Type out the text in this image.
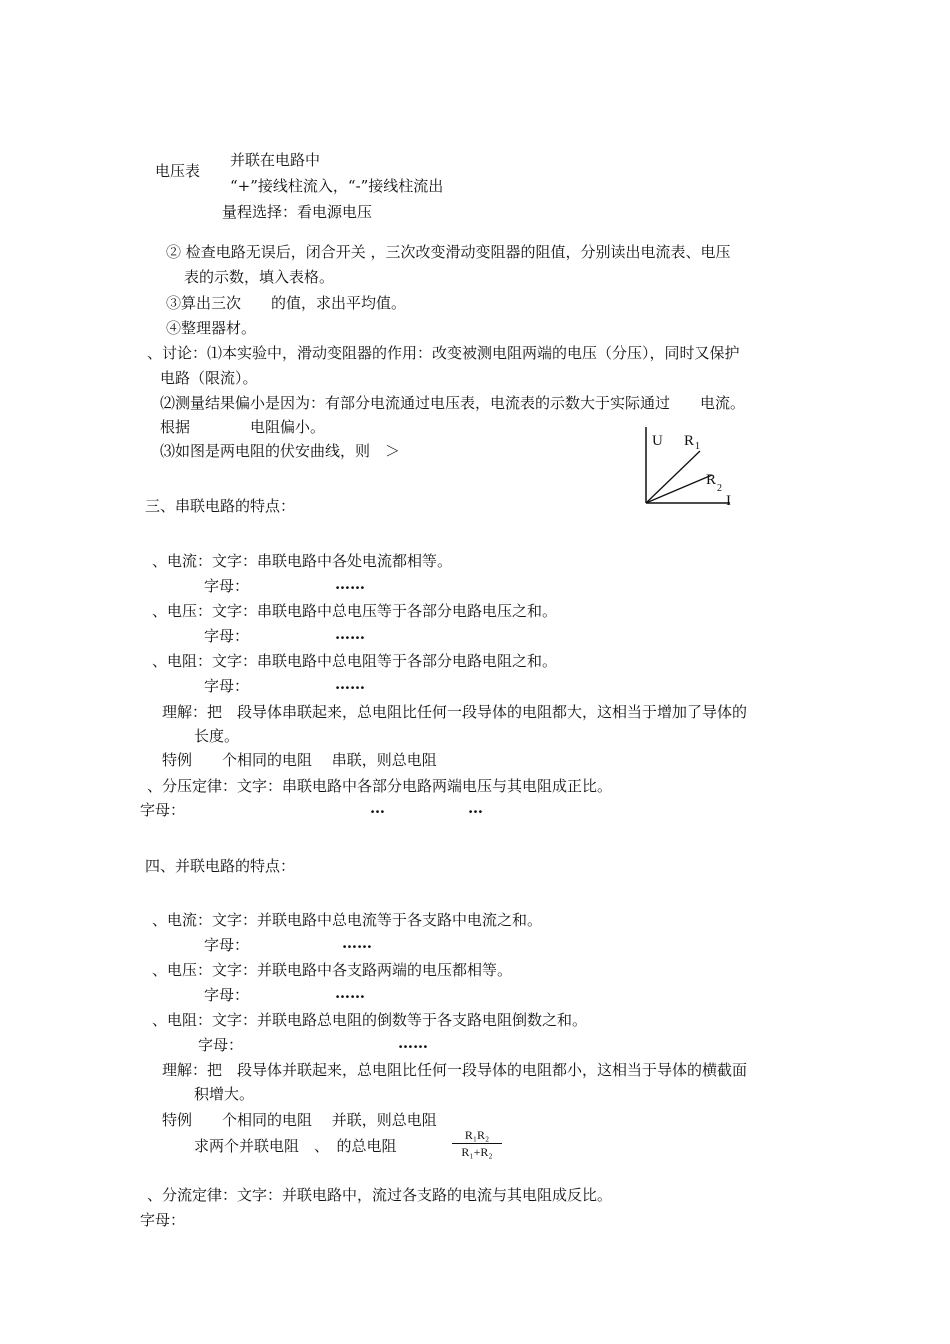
电压表
并联在电路中
“+”接线柱流入，“-”接线柱流出
量程选择：看电源电压
② 检查电路无误后，闭合开关 ，三次改变滑动变阻器的阻值，分别读出电流表、电压
表的示数，填入表格。
③算出三次　　的值，求出平均值。
④整理器材。
、讨论：⑴本实验中，滑动变阻器的作用：改变被测电阻两端的电压（分压），同时又保护
电路（限流）。
⑵测量结果偏小是因为：有部分电流通过电压表，电流表的示数大于实际通过　　电流。
根据　　　　电阻偏小。
⑶如图是两电阻的伏安曲线，则　＞
U R 1
R
2
I
三、串联电路的特点：
、电流：文字：串联电路中各处电流都相等。
字母：	……
、电压：文字：串联电路中总电压等于各部分电路电压之和。
字母：	……
、电阻：文字：串联电路中总电阻等于各部分电路电阻之和。
字母：	……
理解：把　段导体串联起来，总电阻比任何一段导体的电阻都大，这相当于增加了导体的
长度。
特例　　个相同的电阻　 串联，则总电阻
、分压定律：文字：串联电路中各部分电路两端电压与其电阻成正比。
字母：	…	…
四、并联电路的特点：
、电流：文字：并联电路中总电流等于各支路中电流之和。
字母：	……
、电压：文字：并联电路中各支路两端的电压都相等。
字母：	……
、电阻：文字：并联电路总电阻的倒数等于各支路电阻倒数之和。
字母：	……
理解：把　段导体并联起来，总电阻比任何一段导体的电阻都小，这相当于导体的横截面
积增大。
特例　　个相同的电阻　 并联，则总电阻
求两个并联电阻　、　的总电阻
R₁R₂
R₁+R₂
、分流定律：文字：并联电路中，流过各支路的电流与其电阻成反比。
字母：
